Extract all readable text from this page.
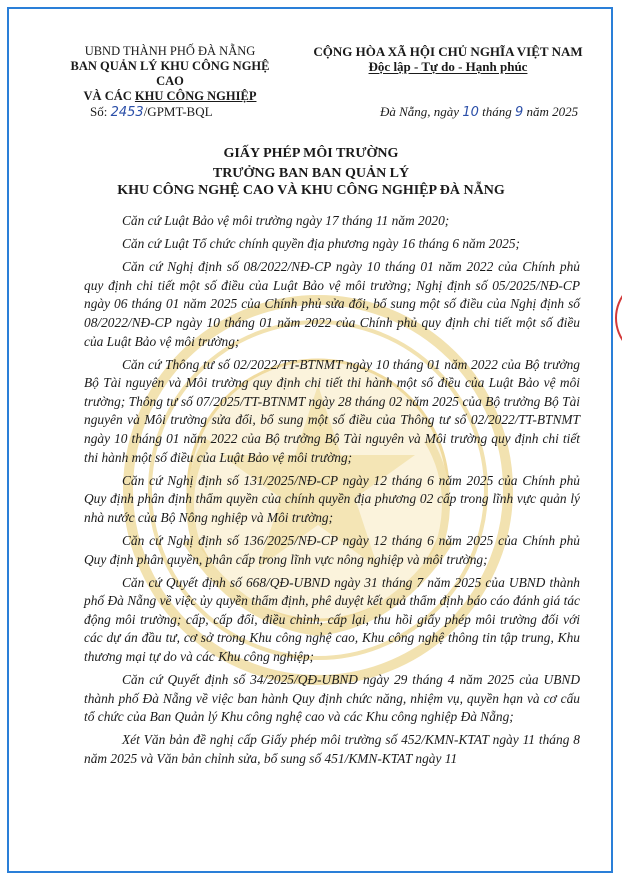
UBND THÀNH PHỐ ĐÀ NẴNG
BAN QUẢN LÝ KHU CÔNG NGHỆ CAO
VÀ CÁC KHU CÔNG NGHIỆP
CỘNG HÒA XÃ HỘI CHỦ NGHĨA VIỆT NAM
Độc lập - Tự do - Hạnh phúc
Số: 2453/GPMT-BQL	Đà Nẵng, ngày 10 tháng 9 năm 2025
GIẤY PHÉP MÔI TRƯỜNG
TRƯỞNG BAN BAN QUẢN LÝ
KHU CÔNG NGHỆ CAO VÀ KHU CÔNG NGHIỆP ĐÀ NẴNG

Căn cứ Luật Bảo vệ môi trường ngày 17 tháng 11 năm 2020;

Căn cứ Luật Tổ chức chính quyền địa phương ngày 16 tháng 6 năm 2025;

Căn cứ Nghị định số 08/2022/NĐ-CP ngày 10 tháng 01 năm 2022 của Chính phủ quy định chi tiết một số điều của Luật Bảo vệ môi trường; Nghị định số 05/2025/NĐ-CP ngày 06 tháng 01 năm 2025 của Chính phủ sửa đổi, bổ sung một số điều của Nghị định số 08/2022/NĐ-CP ngày 10 tháng 01 năm 2022 của Chính phủ quy định chi tiết một số điều của Luật Bảo vệ môi trường;

Căn cứ Thông tư số 02/2022/TT-BTNMT ngày 10 tháng 01 năm 2022 của Bộ trưởng Bộ Tài nguyên và Môi trường quy định chi tiết thi hành một số điều của Luật Bảo vệ môi trường; Thông tư số 07/2025/TT-BTNMT ngày 28 tháng 02 năm 2025 của Bộ trưởng Bộ Tài nguyên và Môi trường sửa đổi, bổ sung một số điều của Thông tư số 02/2022/TT-BTNMT ngày 10 tháng 01 năm 2022 của Bộ trưởng Bộ Tài nguyên và Môi trường quy định chi tiết thi hành một số điều của Luật Bảo vệ môi trường;

Căn cứ Nghị định số 131/2025/NĐ-CP ngày 12 tháng 6 năm 2025 của Chính phủ Quy định phân định thẩm quyền của chính quyền địa phương 02 cấp trong lĩnh vực quản lý nhà nước của Bộ Nông nghiệp và Môi trường;

Căn cứ Nghị định số 136/2025/NĐ-CP ngày 12 tháng 6 năm 2025 của Chính phủ Quy định phân quyền, phân cấp trong lĩnh vực nông nghiệp và môi trường;

Căn cứ Quyết định số 668/QĐ-UBND ngày 31 tháng 7 năm 2025 của UBND thành phố Đà Nẵng về việc ủy quyền thẩm định, phê duyệt kết quả thẩm định báo cáo đánh giá tác động môi trường; cấp, cấp đổi, điều chỉnh, cấp lại, thu hồi giấy phép môi trường đối với các dự án đầu tư, cơ sở trong Khu công nghệ cao, Khu công nghệ thông tin tập trung, Khu thương mại tự do và các Khu công nghiệp;

Căn cứ Quyết định số 34/2025/QĐ-UBND ngày 29 tháng 4 năm 2025 của UBND thành phố Đà Nẵng về việc ban hành Quy định chức năng, nhiệm vụ, quyền hạn và cơ cấu tổ chức của Ban Quản lý Khu công nghệ cao và các Khu công nghiệp Đà Nẵng;

Xét Văn bản đề nghị cấp Giấy phép môi trường số 452/KMN-KTAT ngày 11 tháng 8 năm 2025 và Văn bản chỉnh sửa, bổ sung số 451/KMN-KTAT ngày 11
